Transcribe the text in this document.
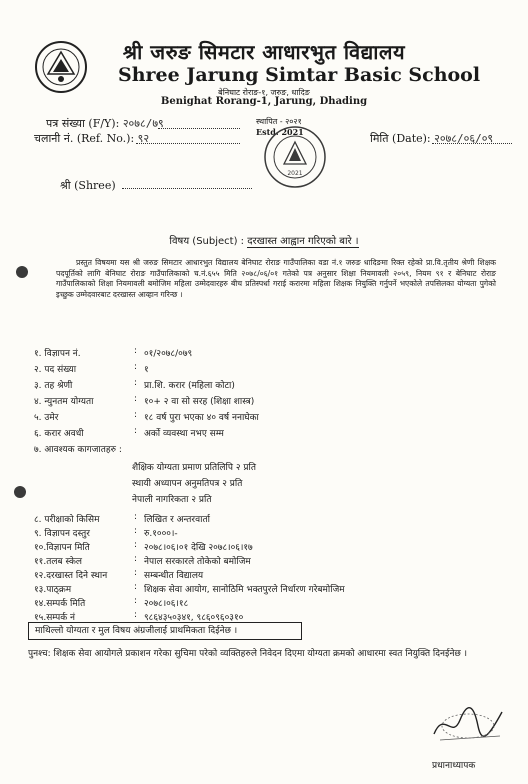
श्री जरुङ सिमटार आधारभुत विद्यालय
Shree Jarung Simtar Basic School
बेनिघाट रोराङ-१, जरुङ, धादिङ
Benighat Rorang-1, Jarung, Dhading
पत्र संख्या (F/Y): २०७८/७९
चलानी नं. (Ref. No.): ९२
स्थापित - २०२१
Estd. 2021	मिति (Date): २०७८/०६/०९
2021
श्री (Shree)
विषय (Subject) : दरखास्त आह्वान गरिएको बारे ।
प्रस्तुत विषयमा यस श्री जरुङ सिमटार आधारभुत विद्यालय बेनिघाट रोराङ गाउँपालिका वडा नं.१ जरुङ धादिङमा रिक्त रहेको प्रा.वि.तृतीय श्रेणी शिक्षक पदपूर्तिको लागि बेनिघाट रोराङ गाउँपालिकाको च.नं.६५५ मिति २०७८/०६/०१ गतेको पत्र अनुसार शिक्षा नियमावली २०५९, नियम ९१ र बेनिघाट रोराङ गाउँपालिकाको शिक्षा नियमावली बमोजिम महिला उम्मेदवारहरु बीच प्रतिस्पर्धा गराई करारमा महिला शिक्षक नियुक्ति गर्नुपर्ने भएकोले तपसिलका योग्यता पुगेको इच्छुक उम्मेदवारबाट दरखास्त आव्हान गरिन्छ ।
१. विज्ञापन नं.	: ०१/२०७८/०७९
२. पद संख्या	: १
३. तह श्रेणी	: प्रा.शि. करार (महिला कोटा)
४. न्युनतम योग्यता	: १०+ २ वा सो सरह (शिक्षा शास्त्र)
५. उमेर	: १८ वर्ष पुरा भएका ४० वर्ष ननाघेका
६. करार अवधी	: अर्को व्यवस्था नभए सम्म
७. आवश्यक कागजातहरु :
शैक्षिक योग्यता प्रमाण प्रतिलिपि २ प्रति
स्थायी अध्यापन अनुमतिपत्र २ प्रति
नेपाली नागरिकता २ प्रति
८. परीक्षाको किसिम	: लिखित र अन्तरवार्ता
९. विज्ञापन दस्तुर	: रु.१०००।-
१०.विज्ञापन मिति	: २०७८।०६।०१ देखि २०७८।०६।१७
११.तलब स्केल	: नेपाल सरकारले तोकेको बमोजिम
१२.दरखास्त दिने स्थान	: सम्बन्धीत विद्यालय
१३.पाठ्क्रम	: शिक्षक सेवा आयोग, सानोठिमि भक्तपुरले निर्धारण गरेबमोजिम
१४.सम्पर्क मिति	: २०७८।०६।१८
१५.सम्पर्क नं	: ९८६४३५०३४१, ९८६०९६०३१०
माथिल्लो योग्यता र मुल विषय अंग्रजीलाई प्राथमिकता दिईनेछ ।
पुनश्च: शिक्षक सेवा आयोगले प्रकाशन गरेका सुचिमा परेको व्यक्तिहरुले निवेदन दिएमा योग्यता क्रमको आधारमा स्वत नियुक्ति दिनईनेछ ।
प्रधानाध्यापक
